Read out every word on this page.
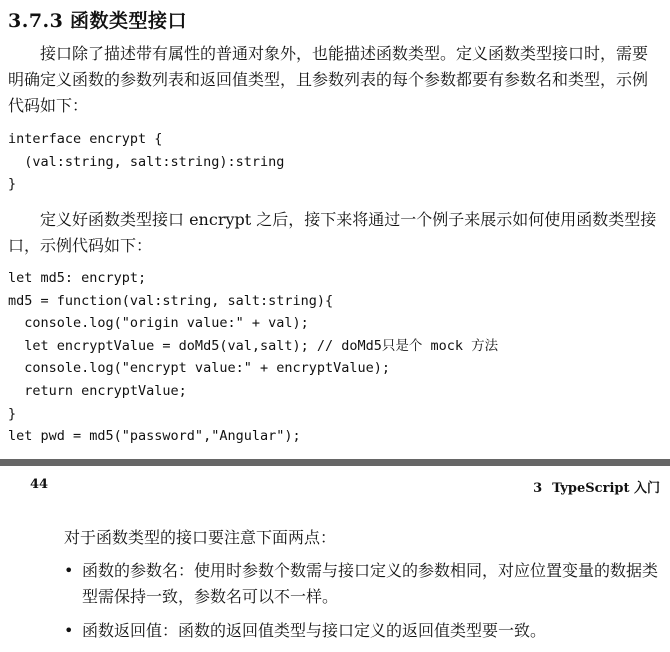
3.7.3 函数类型接口

接口除了描述带有属性的普通对象外，也能描述函数类型。定义函数类型接口时，需要明确定义函数的参数列表和返回值类型，且参数列表的每个参数都要有参数名和类型，示例代码如下：

interface encrypt {
(val:string, salt:string):string
}

定义好函数类型接口 encrypt 之后，接下来将通过一个例子来展示如何使用函数类型接口，示例代码如下：

let md5: encrypt;
md5 = function(val:string, salt:string){
console.log("origin value:" + val);
let encryptValue = doMd5(val,salt); // doMd5只是个 mock 方法
console.log("encrypt value:" + encryptValue);
return encryptValue;
}
let pwd = md5("password","Angular");
44	3 TypeScript 入门

对于函数类型的接口要注意下面两点：

• 函数的参数名：使用时参数个数需与接口定义的参数相同，对应位置变量的数据类型需保持一致，参数名可以不一样。
• 函数返回值：函数的返回值类型与接口定义的返回值类型要一致。
